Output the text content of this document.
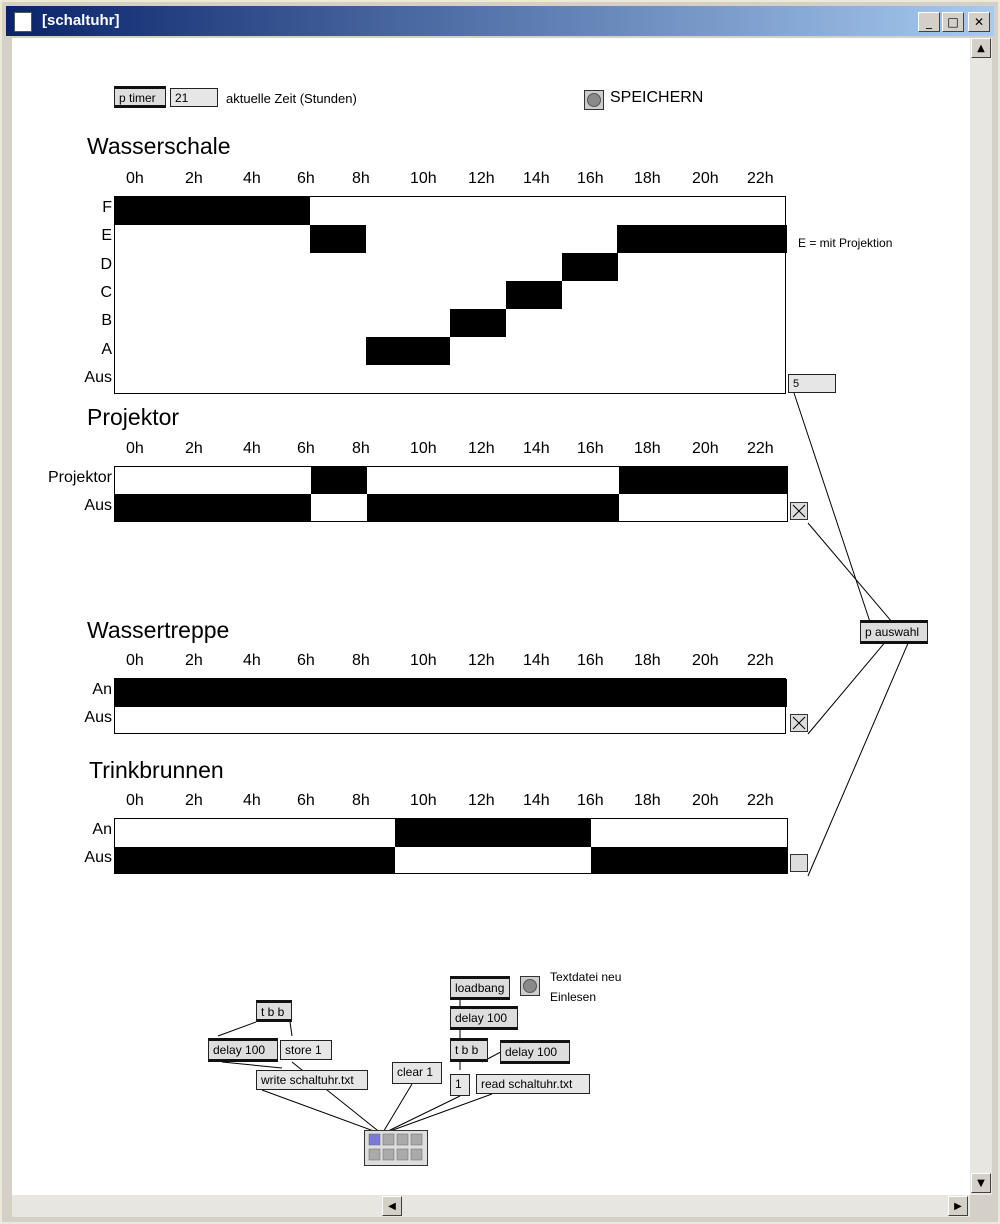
[schaltuhr]	_	□	✕
p timer	21	aktuelle Zeit (Stunden)	SPEICHERN
Wasserschale
0h	2h	4h 6h 8h	10h 12h 14h 16h 18h 20h 22h
F
E
D
C
B
A
Aus
E = mit Projektion
5
Projektor
0h	2h	4h 6h 8h	10h 12h 14h 16h 18h 20h 22h
Projektor
Aus
p auswahl
Wassertreppe
0h	2h	4h 6h 8h	10h 12h 14h 16h 18h 20h 22h
An
Aus
Trinkbrunnen
0h	2h	4h 6h 8h	10h 12h 14h 16h 18h 20h 22h
An
Aus
t b b
delay 100	store 1
write schaltuhr.txt
clear 1
loadbang
Textdatei neu
Einlesen
delay 100
t b b	delay 100
1	read schaltuhr.txt
▲
▼
◀	▶
